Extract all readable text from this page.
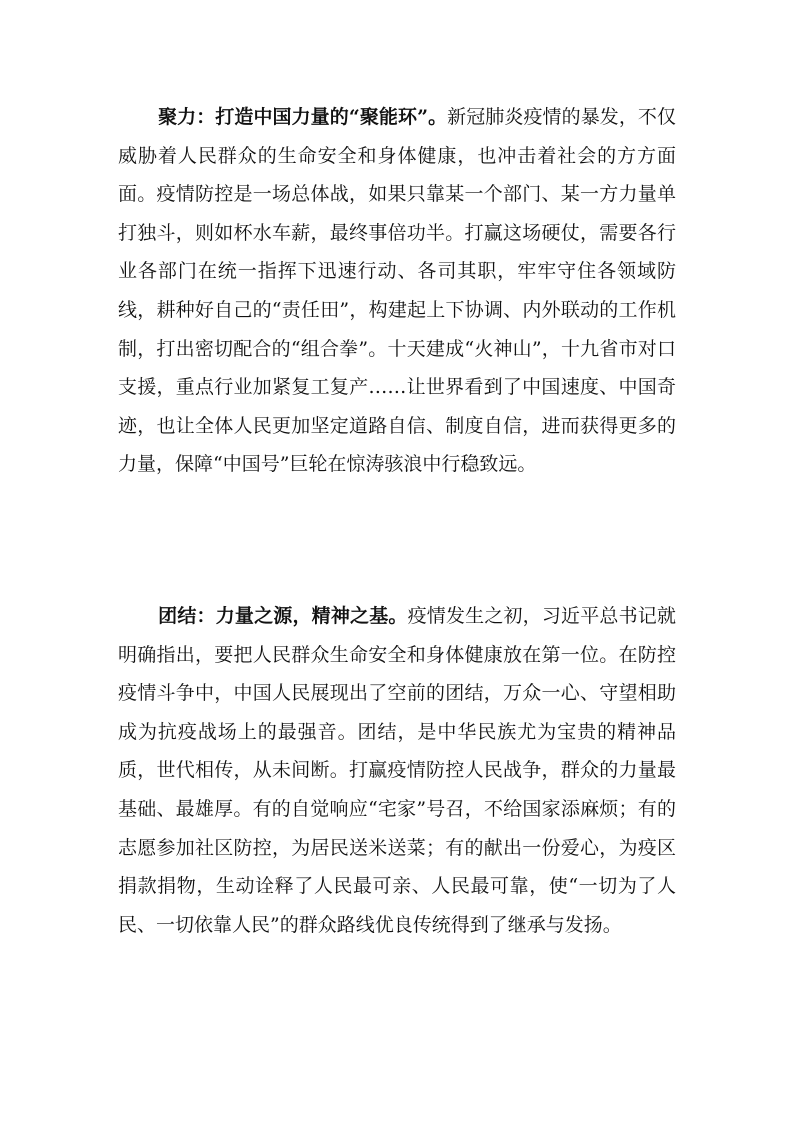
聚力：打造中国力量的“聚能环”。新冠肺炎疫情的暴发，不仅威胁着人民群众的生命安全和身体健康，也冲击着社会的方方面面。疫情防控是一场总体战，如果只靠某一个部门、某一方力量单打独斗，则如杯水车薪，最终事倍功半。打赢这场硬仗，需要各行业各部门在统一指挥下迅速行动、各司其职，牢牢守住各领域防线，耕种好自己的“责任田”，构建起上下协调、内外联动的工作机制，打出密切配合的“组合拳”。十天建成“火神山”，十九省市对口支援，重点行业加紧复工复产……让世界看到了中国速度、中国奇迹，也让全体人民更加坚定道路自信、制度自信，进而获得更多的力量，保障“中国号”巨轮在惊涛骇浪中行稳致远。

团结：力量之源，精神之基。疫情发生之初，习近平总书记就明确指出，要把人民群众生命安全和身体健康放在第一位。在防控疫情斗争中，中国人民展现出了空前的团结，万众一心、守望相助成为抗疫战场上的最强音。团结，是中华民族尤为宝贵的精神品质，世代相传，从未间断。打赢疫情防控人民战争，群众的力量最基础、最雄厚。有的自觉响应“宅家”号召，不给国家添麻烦；有的志愿参加社区防控，为居民送米送菜；有的献出一份爱心，为疫区捐款捐物，生动诠释了人民最可亲、人民最可靠，使“一切为了人民、一切依靠人民”的群众路线优良传统得到了继承与发扬。
